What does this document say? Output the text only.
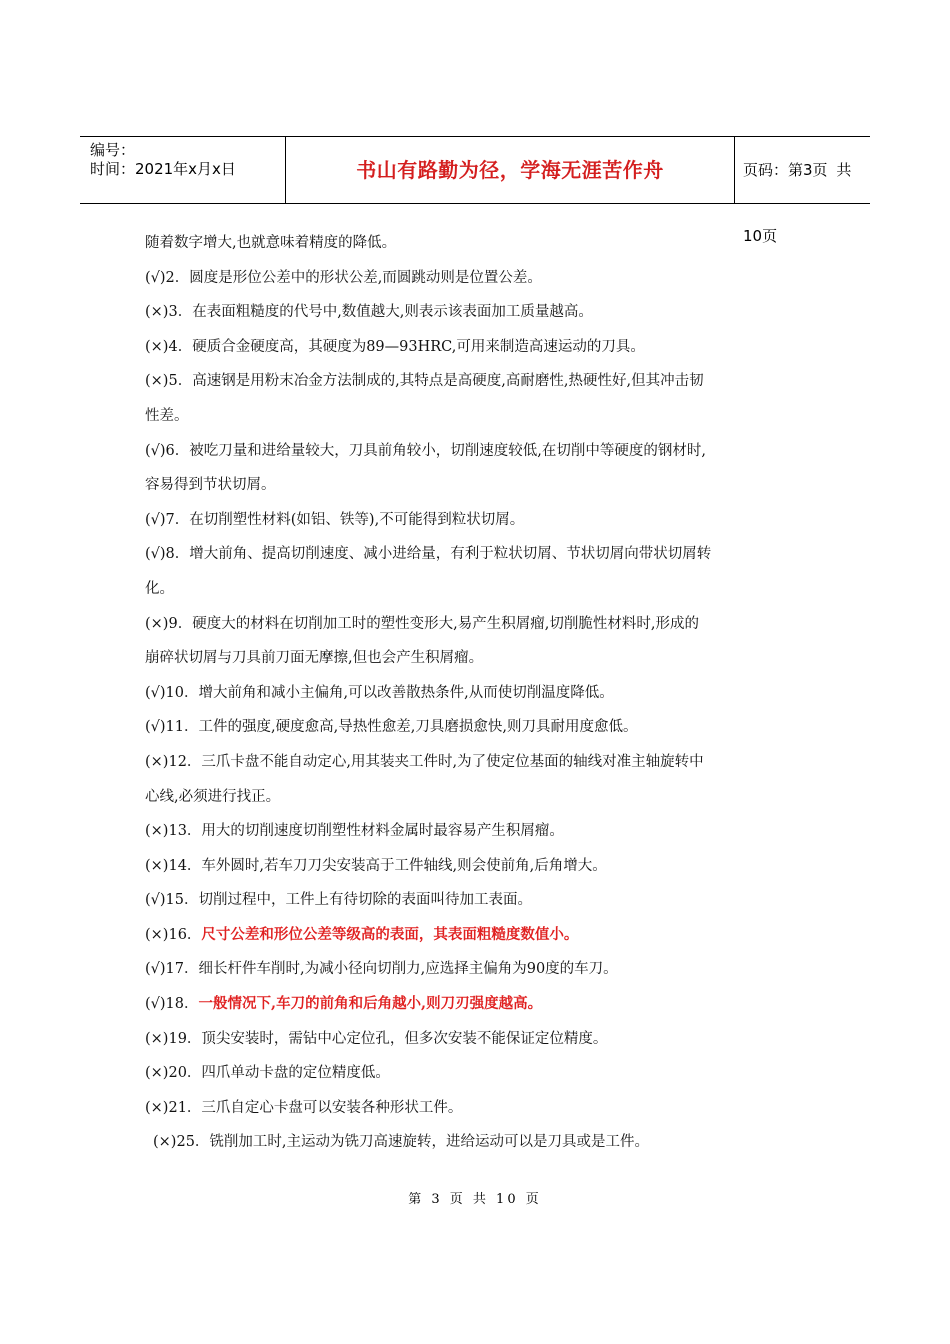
编号：
时间：2021年x月x日	书山有路勤为径，学海无涯苦作舟	页码：第3页 共10页
随着数字增大,也就意味着精度的降低。
(√)2．圆度是形位公差中的形状公差,而圆跳动则是位置公差。
(×)3．在表面粗糙度的代号中,数值越大,则表示该表面加工质量越高。
(×)4．硬质合金硬度高，其硬度为89—93HRC,可用来制造高速运动的刀具。
(×)5．高速钢是用粉末冶金方法制成的,其特点是高硬度,高耐磨性,热硬性好,但其冲击韧
性差。
(√)6．被吃刀量和进给量较大，刀具前角较小，切削速度较低,在切削中等硬度的钢材时,
容易得到节状切屑。
(√)7．在切削塑性材料(如铝、铁等),不可能得到粒状切屑。
(√)8．增大前角、提高切削速度、减小进给量，有利于粒状切屑、节状切屑向带状切屑转
化。
(×)9．硬度大的材料在切削加工时的塑性变形大,易产生积屑瘤,切削脆性材料时,形成的
崩碎状切屑与刀具前刀面无摩擦,但也会产生积屑瘤。
(√)10．增大前角和减小主偏角,可以改善散热条件,从而使切削温度降低。
(√)11．工件的强度,硬度愈高,导热性愈差,刀具磨损愈快,则刀具耐用度愈低。
(×)12．三爪卡盘不能自动定心,用其装夹工件时,为了使定位基面的轴线对准主轴旋转中
心线,必须进行找正。
(×)13．用大的切削速度切削塑性材料金属时最容易产生积屑瘤。
(×)14．车外圆时,若车刀刀尖安装高于工件轴线,则会使前角,后角增大。
(√)15．切削过程中，工件上有待切除的表面叫待加工表面。
(×)16．尺寸公差和形位公差等级高的表面，其表面粗糙度数值小。
(√)17．细长杆件车削时,为减小径向切削力,应选择主偏角为90度的车刀。
(√)18．一般情况下,车刀的前角和后角越小,则刀刃强度越高。
(×)19．顶尖安装时，需钻中心定位孔，但多次安装不能保证定位精度。
(×)20．四爪单动卡盘的定位精度低。
(×)21．三爪自定心卡盘可以安装各种形状工件。
(×)25．铣削加工时,主运动为铣刀高速旋转，进给运动可以是刀具或是工件。
第 3 页 共 10 页
